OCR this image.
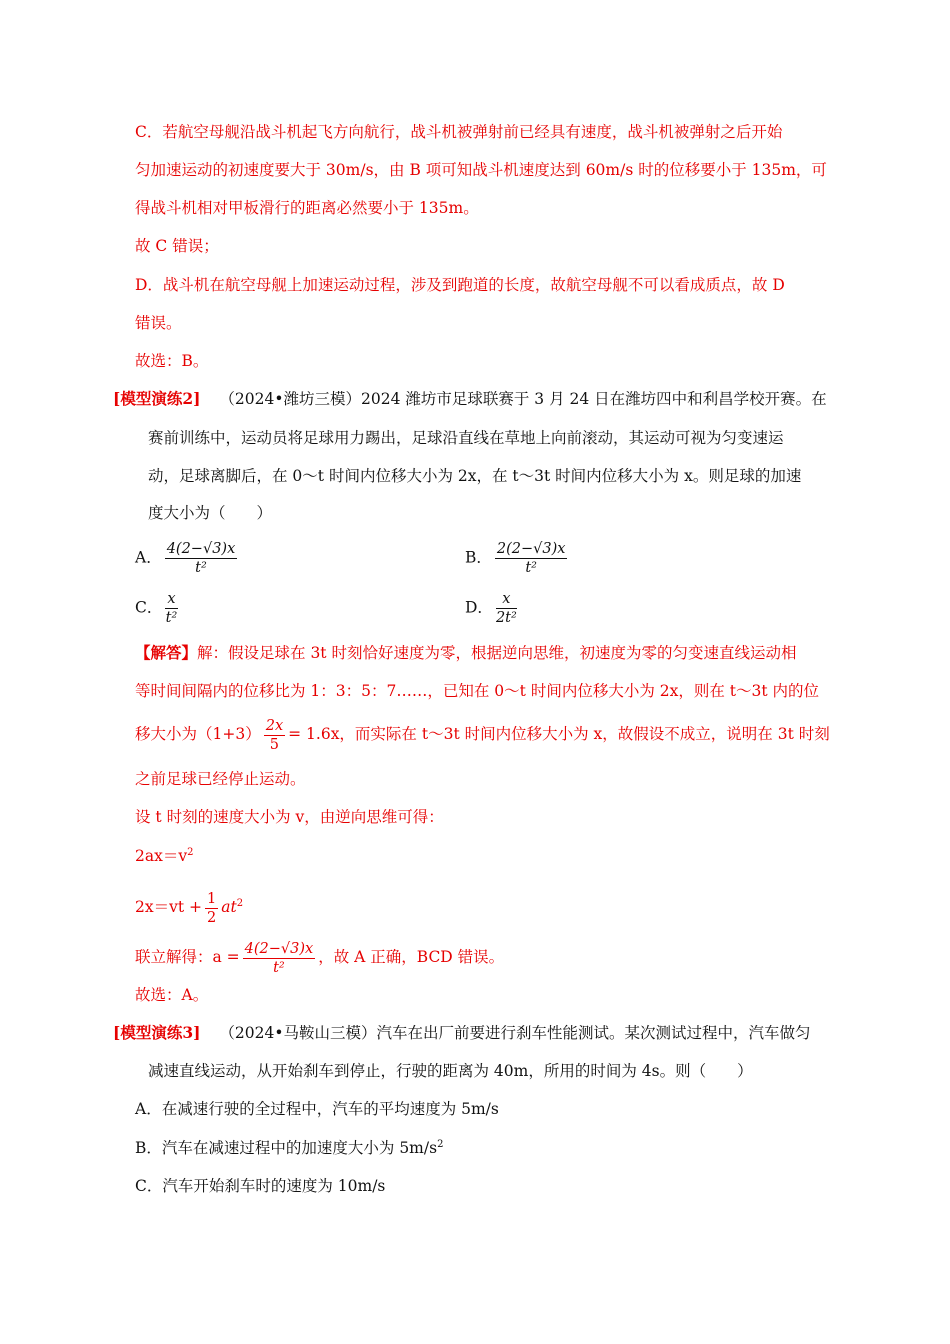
C．若航空母舰沿战斗机起飞方向航行，战斗机被弹射前已经具有速度，战斗机被弹射之后开始
匀加速运动的初速度要大于 30m/s，由 B 项可知战斗机速度达到 60m/s 时的位移要小于 135m，可
得战斗机相对甲板滑行的距离必然要小于 135m。
故 C 错误；
D．战斗机在航空母舰上加速运动过程，涉及到跑道的长度，故航空母舰不可以看成质点，故 D
错误。
故选：B。
[模型演练2] （2024•潍坊三模）2024 潍坊市足球联赛于 3 月 24 日在潍坊四中和利昌学校开赛。在
赛前训练中，运动员将足球用力踢出，足球沿直线在草地上向前滚动，其运动可视为匀变速运
动，足球离脚后，在 0～t 时间内位移大小为 2x，在 t～3t 时间内位移大小为 x。则足球的加速
度大小为（　　）
A． $\frac{4(2-√3)x}{\text{t²}}$	B． $\frac{2(2-√3)x}{\text{t²}}$
C． $\frac{x}{\text{t²}}$	D． $\frac{x}{\text{2t²}}$
【解答】解：假设足球在 3t 时刻恰好速度为零，根据逆向思维，初速度为零的匀变速直线运动相
等时间间隔内的位移比为 1：3：5：7……，已知在 0～t 时间内位移大小为 2x，则在 t～3t 内的位
移大小为$(1+3) \frac{2x}{5} = 1.6x$，而实际在 t～3t 时间内位移大小为 x，故假设不成立，说明在 3t 时刻
之前足球已经停止运动。
设 t 时刻的速度大小为 v，由逆向思维可得：
$2ax=v^2$
$2x=vt + \frac{1}{2} at^2$
联立解得：$a = \frac{4(2-√3)x}{\text{t²}}$ ，故 A 正确，BCD 错误。
故选：A。
[模型演练3] （2024•马鞍山三模）汽车在出厂前要进行刹车性能测试。某次测试过程中，汽车做匀
减速直线运动，从开始刹车到停止，行驶的距离为 40m，所用的时间为 4s。则（　　）
A．在减速行驶的全过程中，汽车的平均速度为 5m/s
B．汽车在减速过程中的加速度大小为 $5m/s^2$
C．汽车开始刹车时的速度为 10m/s
